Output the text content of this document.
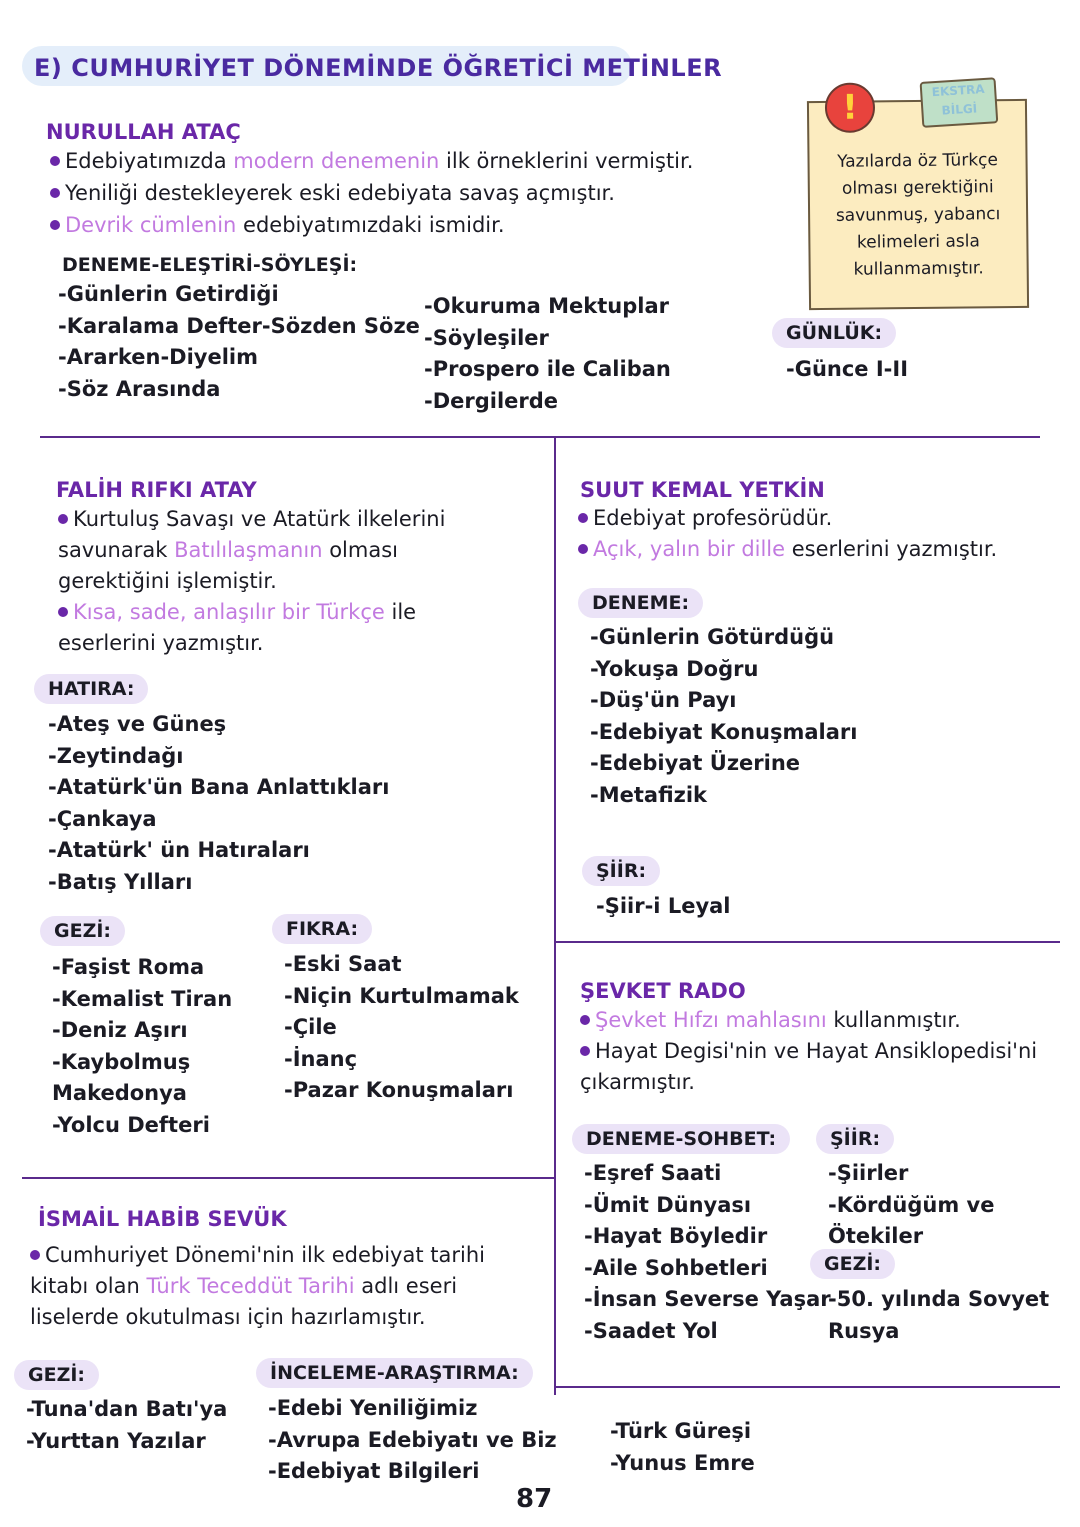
E) CUMHURİYET DÖNEMİNDE ÖĞRETİCİ METİNLER
!	EKSTRA BİLGİ
Yazılarda öz Türkçe olması gerektiğini savunmuş, yabancı kelimeleri asla kullanmamıştır.
NURULLAH ATAÇ
Edebiyatımızda modern denemenin ilk örneklerini vermiştir.
Yeniliği destekleyerek eski edebiyata savaş açmıştır.
Devrik cümlenin edebiyatımızdaki ismidir.
DENEME-ELEŞTİRİ-SÖYLEŞİ:
-Günlerin Getirdiği
-Karalama Defter-Sözden Söze
-Ararken-Diyelim
-Söz Arasında
-Okuruma Mektuplar
-Söyleşiler
-Prospero ile Caliban
-Dergilerde
GÜNLÜK:
-Günce I-II
FALİH RIFKI ATAY
Kurtuluş Savaşı ve Atatürk ilkelerini
savunarak Batılılaşmanın olması
gerektiğini işlemiştir.
Kısa, sade, anlaşılır bir Türkçe ile
eserlerini yazmıştır.
HATIRA:
-Ateş ve Güneş
-Zeytindağı
-Atatürk'ün Bana Anlattıkları
-Çankaya
-Atatürk' ün Hatıraları
-Batış Yılları
GEZİ:
-Faşist Roma
-Kemalist Tiran
-Deniz Aşırı
-Kaybolmuş
Makedonya
-Yolcu Defteri
FIKRA:
-Eski Saat
-Niçin Kurtulmamak
-Çile
-İnanç
-Pazar Konuşmaları
SUUT KEMAL YETKİN
Edebiyat profesörüdür.
Açık, yalın bir dille eserlerini yazmıştır.
DENEME:
-Günlerin Götürdüğü
-Yokuşa Doğru
-Düş'ün Payı
-Edebiyat Konuşmaları
-Edebiyat Üzerine
-Metafizik
ŞİİR:
-Şiir-i Leyal
ŞEVKET RADO
Şevket Hıfzı mahlasını kullanmıştır.
Hayat Degisi'nin ve Hayat Ansiklopedisi'ni
çıkarmıştır.
DENEME-SOHBET:
-Eşref Saati
-Ümit Dünyası
-Hayat Böyledir
-Aile Sohbetleri
-İnsan Severse Yaşar
-Saadet Yol
ŞİİR:
-Şiirler
-Kördüğüm ve
Ötekiler
GEZİ:
-50. yılında Sovyet
Rusya
-Türk Güreşi
-Yunus Emre
İSMAİL HABİB SEVÜK
Cumhuriyet Dönemi'nin ilk edebiyat tarihi
kitabı olan Türk Teceddüt Tarihi adlı eseri
liselerde okutulması için hazırlamıştır.
GEZİ:
-Tuna'dan Batı'ya
-Yurttan Yazılar
İNCELEME-ARAŞTIRMA:
-Edebi Yeniliğimiz
-Avrupa Edebiyatı ve Biz
-Edebiyat Bilgileri
87
